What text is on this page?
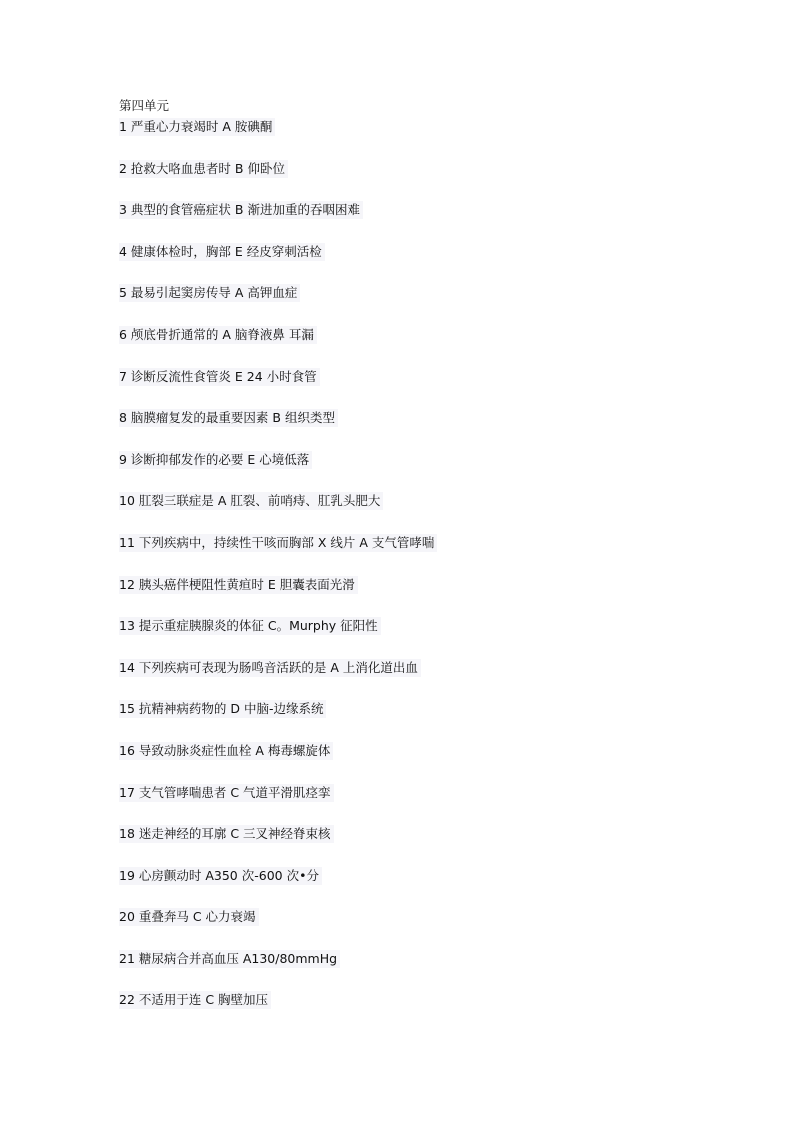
第四单元
1 严重心力衰竭时 A 胺碘酮
2 抢救大咯血患者时 B 仰卧位
3 典型的食管癌症状 B 渐进加重的吞咽困难
4 健康体检时，胸部 E 经皮穿刺活检
5 最易引起窦房传导 A 高钾血症
6 颅底骨折通常的 A 脑脊液鼻 耳漏
7 诊断反流性食管炎 E 24 小时食管
8 脑膜瘤复发的最重要因素 B 组织类型
9 诊断抑郁发作的必要 E 心境低落
10 肛裂三联症是 A 肛裂、前哨痔、肛乳头肥大
11 下列疾病中，持续性干咳而胸部 X 线片 A 支气管哮喘
12 胰头癌伴梗阻性黄疸时 E 胆囊表面光滑
13 提示重症胰腺炎的体征 C。Murphy 征阳性
14 下列疾病可表现为肠鸣音活跃的是 A 上消化道出血
15 抗精神病药物的 D 中脑-边缘系统
16 导致动脉炎症性血栓 A 梅毒螺旋体
17 支气管哮喘患者 C 气道平滑肌痉挛
18 迷走神经的耳廓 C 三叉神经脊束核
19 心房颤动时 A350 次-600 次•分
20 重叠奔马 C 心力衰竭
21 糖尿病合并高血压 A130/80mmHg
22 不适用于连 C 胸壁加压
